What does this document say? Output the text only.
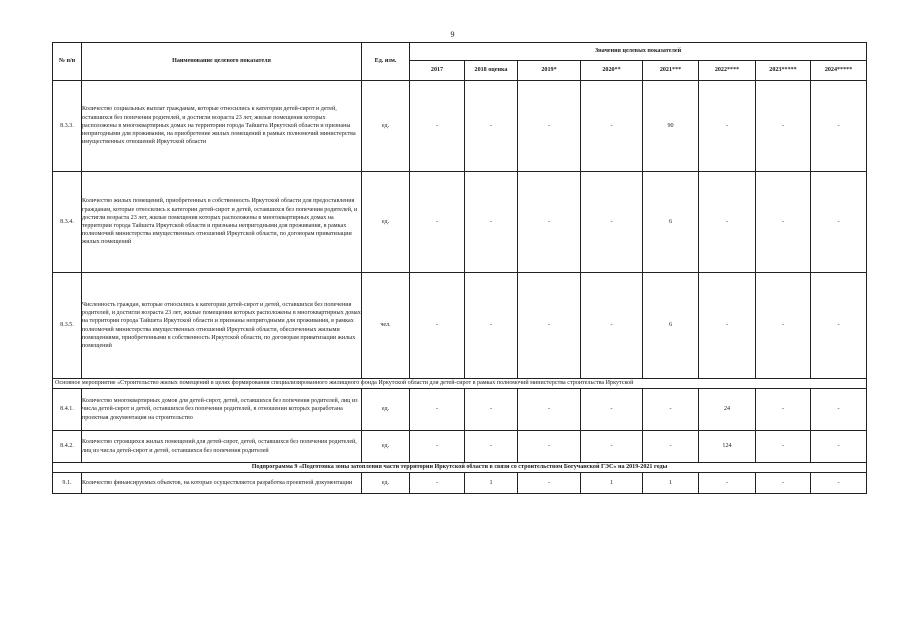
9
№ п/н	Наименование целевого показателя	Ед. изм.	Значения целевых показателей							
			2017	2018 оценка	2019*	2020**	2021***	2022****	2023*****	2024*****
8.3.3.	Количество социальных выплат гражданам, которые относились к категории детей-сирот и детей, оставшихся без попечения родителей, и достигли возраста 23 лет, жилые помещения которых расположены в многоквартирных домах на территории города Тайшета Иркутской области и признаны непригодными для проживания, на приобретение жилых помещений в рамках полномочий министерства имущественных отношений Иркутской области	ед.	-	-	-	-	90	-	-	-
8.3.4.	Количество жилых помещений, приобретенных в собственность Иркутской области для предоставления гражданам, которые относились к категории детей-сирот и детей, оставшихся без попечения родителей, и достигли возраста 23 лет, жилые помещения которых расположены в многоквартирных домах на территории города Тайшета Иркутской области и признаны непригодными для проживания, в рамках полномочий министерства имущественных отношений Иркутской области, по договорам приватизации жилых помещений	ед.	-	-	-	-	6	-	-	-
8.3.5.	Численность граждан, которые относились к категории детей-сирот и детей, оставшихся без попечения родителей, и достигли возраста 23 лет, жилые помещения которых расположены в многоквартирных домах на территории города Тайшета Иркутской области и признаны непригодными для проживания, в рамках полномочий министерства имущественных отношений Иркутской области, обеспеченных жилыми помещениями, приобретенными в собственность Иркутской области, по договорам приватизации жилых помещений	чел.	-	-	-	-	6	-	-	-
Основное мероприятие «Строительство жилых помещений в целях формирования специализированного жилищного фонда Иркутской области для детей-сирот в рамках полномочий министерства строительства Иркутской										
8.4.1.	Количество многоквартирных домов для детей-сирот, детей, оставшихся без попечения родителей, лиц из числа детей-сирот и детей, оставшихся без попечения родителей, в отношении которых разработана проектная документация на строительство	ед.	-	-	-	-	-	24	-	-
8.4.2.	Количество строящихся жилых помещений для детей-сирот, детей, оставшихся без попечения родителей, лиц из числа детей-сирот и детей, оставшихся без попечения родителей	ед.	-	-	-	-	-	124	-	-
Подпрограмма 9 «Подготовка зоны затопления части территории Иркутской области в связи со строительством Богучанской ГЭС» на 2019-2021 годы										
9.1.	Количество финансируемых объектов, на которые осуществляется разработка проектной документации	ед.	-	1	-	1	1	-	-	-
